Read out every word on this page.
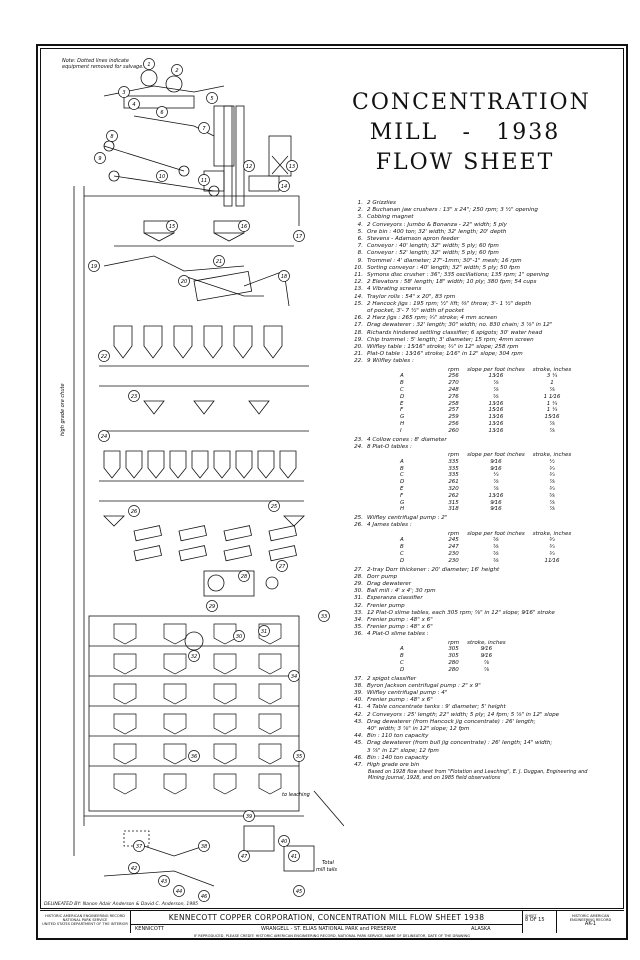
CONCENTRATION
MILL - 1938
FLOW SHEET
Note: Dotted lines indicate
equipment removed for salvage. 1
2
3
4
5
6
7
8
9
10
11
12	13
14
15	16
17
18
19
20
21
22
23
24
25
26
27
28
29
30
31
32
33
34
35
36
37	38
39
40
41
42
43
44	45
46
47
high grade ore chute
to leaching
Total
mill tails
1. 2 Grizzlies
2. 2 Buchanan jaw crushers : 13" x 24"; 250 rpm; 3 ½" opening
3. Cobbing magnet
4. 2 Conveyors : Jumbo & Bonanza - 22" width; 5 ply
5. Ore bin : 400 ton; 32' width; 32' length; 20' depth
6. Stevens - Adamson apron feeder
7. Conveyor : 40' length; 32" width; 5 ply; 60 fpm
8. Conveyor : 52' length; 32" width; 5 ply; 60 fpm
9. Trommel : 4' diameter; 27"-1mm; 30"-1" mesh; 16 rpm
10. Sorting conveyor : 40' length; 32" width; 5 ply; 50 fpm
11. Symons disc crusher : 36"; 335 oscillations; 135 rpm; 1" opening
12. 2 Elevators : 58' length; 18" width; 10 ply; 380 fpm; 54 cups
13. 4 Vibrating screens
14. Traylor rolls : 54" x 20", 83 rpm
15. 2 Hancock jigs : 195 rpm; ½" lift; ⅜" throw; 3'- 1 ½" depth
of pocket, 3'- 7 ½" width of pocket
16. 2 Harz jigs : 265 rpm; ¾" stroke; 4 mm screen
17. Drag dewaterer : 32' length; 30" width; no. 830 chain; 3 ⅞" in 12"
18. Richards hindered settling classifier; 6 spigots; 30' water head
19. Chip trommel : 5' length; 3' diameter; 15 rpm; 4mm screen
20. Wilfley table : 15⁄16" stroke; ¾" in 12" slope; 258 rpm
21. Plat-O table : 13⁄16" stroke; 1⁄16" in 12" slope; 304 rpm
22. 9 Wilfley tables :
	rpm	slope per foot inches	stroke, inches
A	256	13⁄16	3 ¼
B	270	⅞	1
C	248	⅞	⅞
D	276	⅝	1 1⁄16
E	258	13⁄16	1 ¼
F	257	15⁄16	1 ¼
G	259	13⁄16	15⁄16
H	256	13⁄16	⅞
I	260	13⁄16	⅞
23. 4 Collow cones : 8' diameter
24. 8 Plat-O tables :
	rpm	slope per foot inches	stroke, inches
A	335	9⁄16	½
B	335	9⁄16	¾
C	335	¼	¾
D	261	⅞	⅞
E	320	⅞	¾
F	262	13⁄16	⅝
G	315	9⁄16	⅞
H	318	9⁄16	⅞
25. Wilfley centrifugal pump : 2"
26. 4 James tables :
	rpm	slope per foot inches	stroke, inches
A	245	⅝	¾
B	247	⅝	¾
C	230	⅝	¾
D	230	⅝	11⁄16
27. 2-tray Dorr thickener : 20' diameter; 16' height
28. Dorr pump
29. Drag dewaterer
30. Ball mill : 4' x 4'; 30 rpm
31. Esperanza classifier
32. Frenier pump
33. 12 Plat-O slime tables, each 305 rpm; ⅞" in 12" slope; 9⁄16" stroke
34. Frenier pump : 48" x 6"
35. Frenier pump : 48" x 6"
36. 4 Plat-O slime tables :
	rpm	stroke, inches	
A	305	9⁄16	
B	305	9⁄16	
C	280	⅞	
D	280	⅞	
37. 2 spigot classifier
38. Byron Jackson centrifugal pump : 2" x 9"
39. Wilfley centrifugal pump : 4"
40. Frenier pump : 48" x 6"
41. 4 Table concentrate tanks : 9' diameter; 5' height
42. 2 Conveyors : 25' length; 22" width; 5 ply; 14 fpm; 5 ⅞" in 12" slope
43. Drag dewaterer (from Hancock jig concentrate) : 26' length;
40" width; 3 ⅞" in 12" slope; 12 fpm
44. Bin : 110 ton capacity
45. Drag dewaterer (from bull jig concentrate) : 26' length; 14" width;
3 ⅞" in 12" slope; 12 fpm
46. Bin : 140 ton capacity
47. High grade ore bin
Based on 1928 flow sheet from "Flotation and Leaching", E. J. Duggan, Engineering and
Mining Journal, 1928, and on 1985 field observations
DELINEATED BY: Nanon Adair Anderson & David C. Anderson, 1985
HISTORIC AMERICAN ENGINEERING RECORD
NATIONAL PARK SERVICE
UNITED STATES DEPARTMENT OF THE INTERIOR
KENNECOTT COPPER CORPORATION, CONCENTRATION MILL FLOW SHEET 1938
KENNICOTT	WRANGELL - ST. ELIAS NATIONAL PARK and PRESERVE	ALASKA
SHEET
8 OF 15
HISTORIC AMERICAN
ENGINEERING RECORD
AK-1
IF REPRODUCED, PLEASE CREDIT: HISTORIC AMERICAN ENGINEERING RECORD, NATIONAL PARK SERVICE, NAME OF DELINEATOR, DATE OF THE DRAWING
